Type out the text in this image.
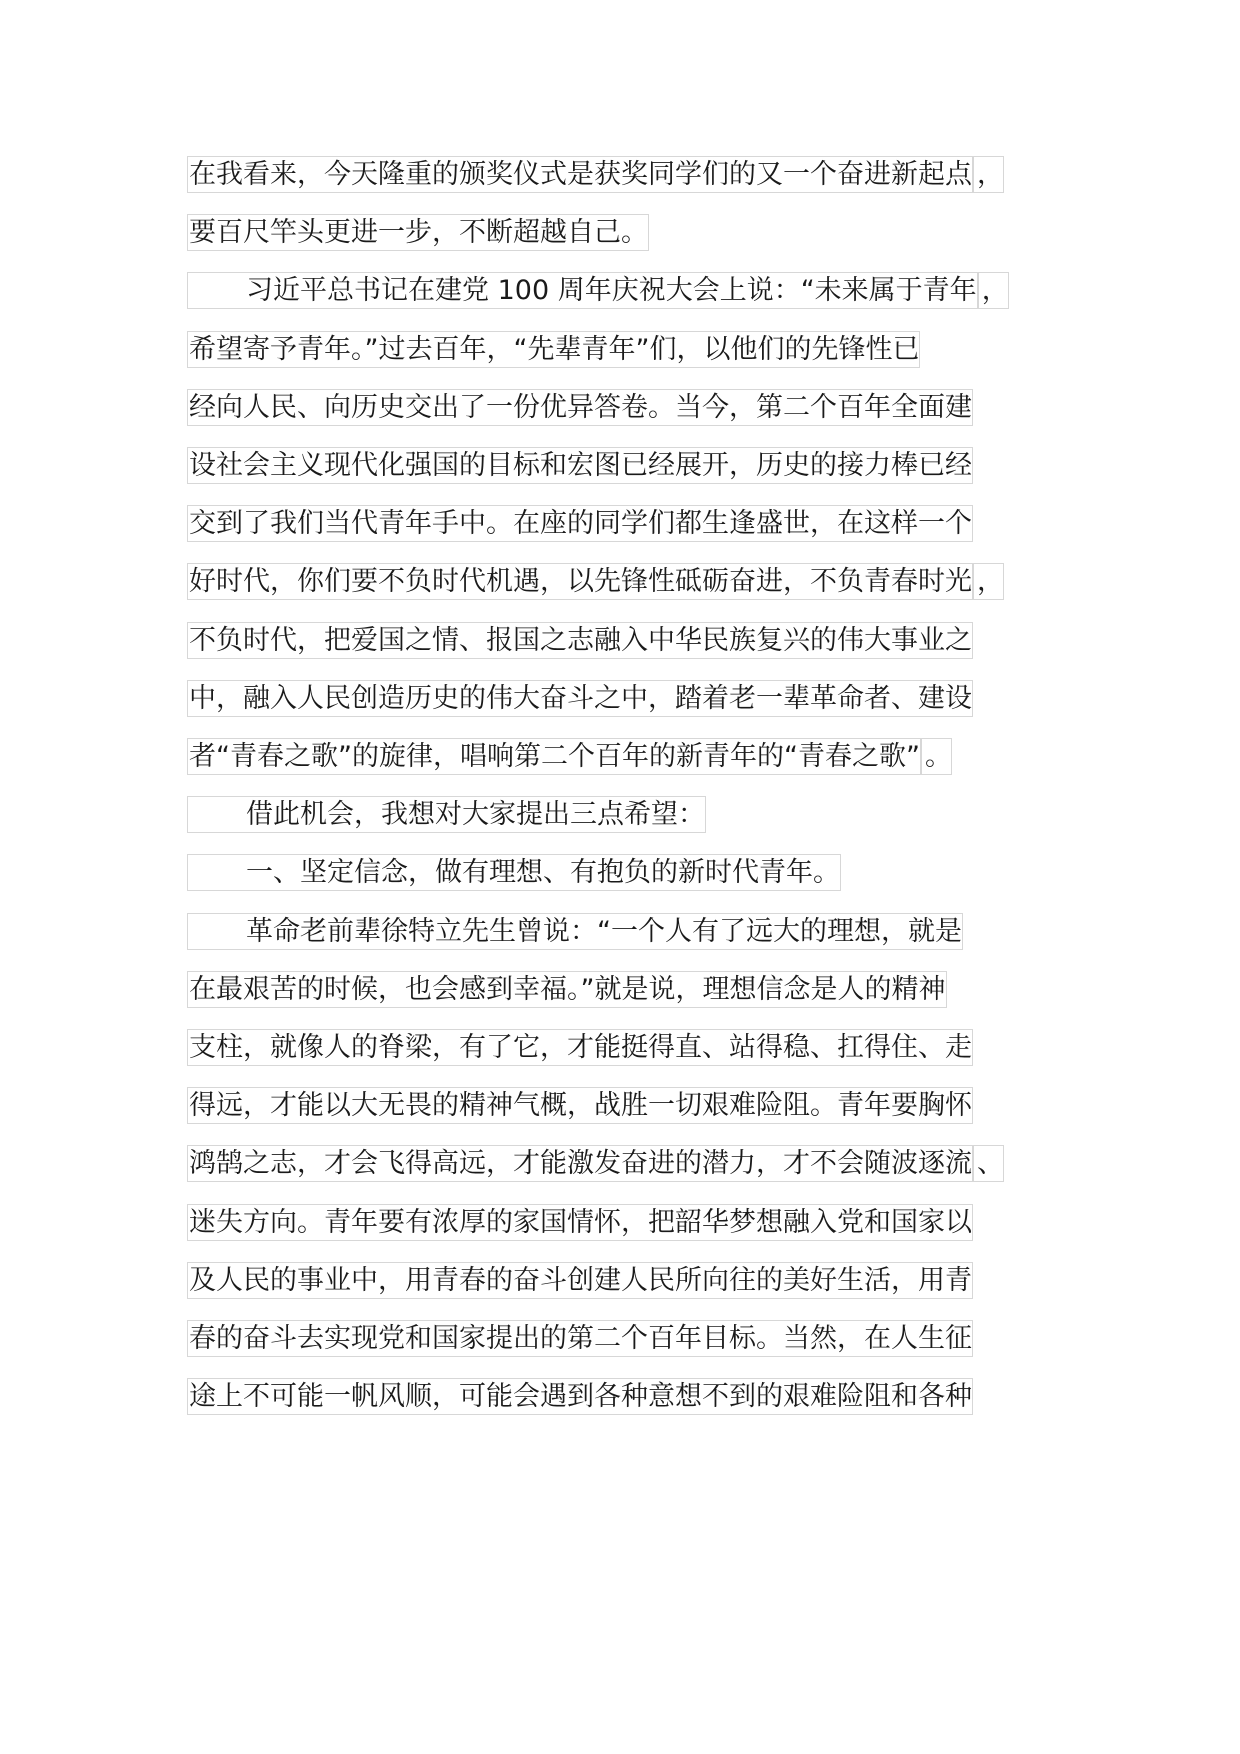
在我看来，今天隆重的颁奖仪式是获奖同学们的又一个奋进新起点 ，
要百尺竿头更进一步，不断超越自己。
习近平总书记在建党 100 周年庆祝大会上说：“未来属于青年 ，
希望寄予青年。”过去百年，“先辈青年”们，以他们的先锋性已
经向人民、向历史交出了一份优异答卷。当今，第二个百年全面建
设社会主义现代化强国的目标和宏图已经展开，历史的接力棒已经
交到了我们当代青年手中。在座的同学们都生逢盛世，在这样一个
好时代，你们要不负时代机遇，以先锋性砥砺奋进，不负青春时光 ，
不负时代，把爱国之情、报国之志融入中华民族复兴的伟大事业之
中，融入人民创造历史的伟大奋斗之中，踏着老一辈革命者、建设
者“青春之歌”的旋律，唱响第二个百年的新青年的“青春之歌” 。
借此机会，我想对大家提出三点希望：
一、坚定信念，做有理想、有抱负的新时代青年。
革命老前辈徐特立先生曾说：“一个人有了远大的理想，就是
在最艰苦的时候，也会感到幸福。”就是说，理想信念是人的精神
支柱，就像人的脊梁，有了它，才能挺得直、站得稳、扛得住、走
得远，才能以大无畏的精神气概，战胜一切艰难险阻。青年要胸怀
鸿鹄之志，才会飞得高远，才能激发奋进的潜力，才不会随波逐流 、
迷失方向。青年要有浓厚的家国情怀，把韶华梦想融入党和国家以
及人民的事业中，用青春的奋斗创建人民所向往的美好生活，用青
春的奋斗去实现党和国家提出的第二个百年目标。当然，在人生征
途上不可能一帆风顺，可能会遇到各种意想不到的艰难险阻和各种
